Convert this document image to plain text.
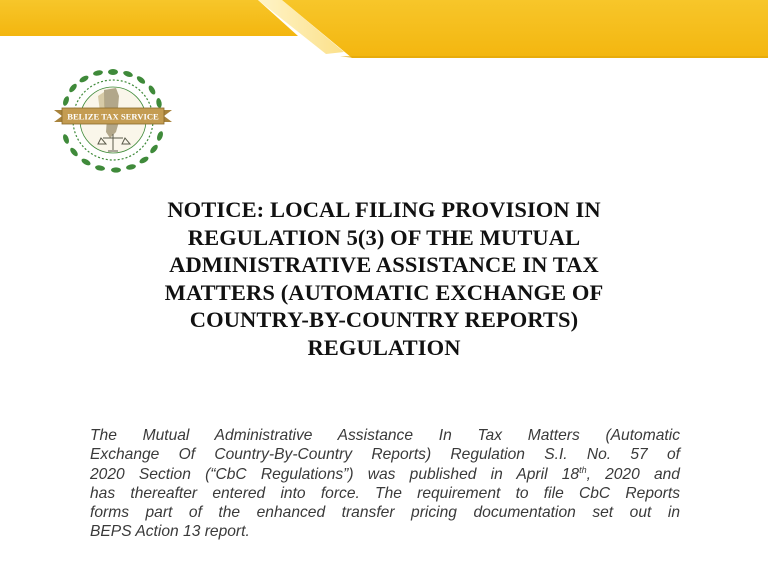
BELIZE TAX SERVICE
NOTICE: LOCAL FILING PROVISION IN
REGULATION 5(3) OF THE MUTUAL
ADMINISTRATIVE ASSISTANCE IN TAX
MATTERS (AUTOMATIC EXCHANGE OF
COUNTRY-BY-COUNTRY REPORTS)
REGULATION

The Mutual Administrative Assistance In Tax Matters (Automatic
Exchange Of Country-By-Country Reports) Regulation S.I. No. 57 of
2020 Section (“CbC Regulations”) was published in April 18th, 2020 and
has thereafter entered into force. The requirement to file CbC Reports
forms part of the enhanced transfer pricing documentation set out in
BEPS Action 13 report.
